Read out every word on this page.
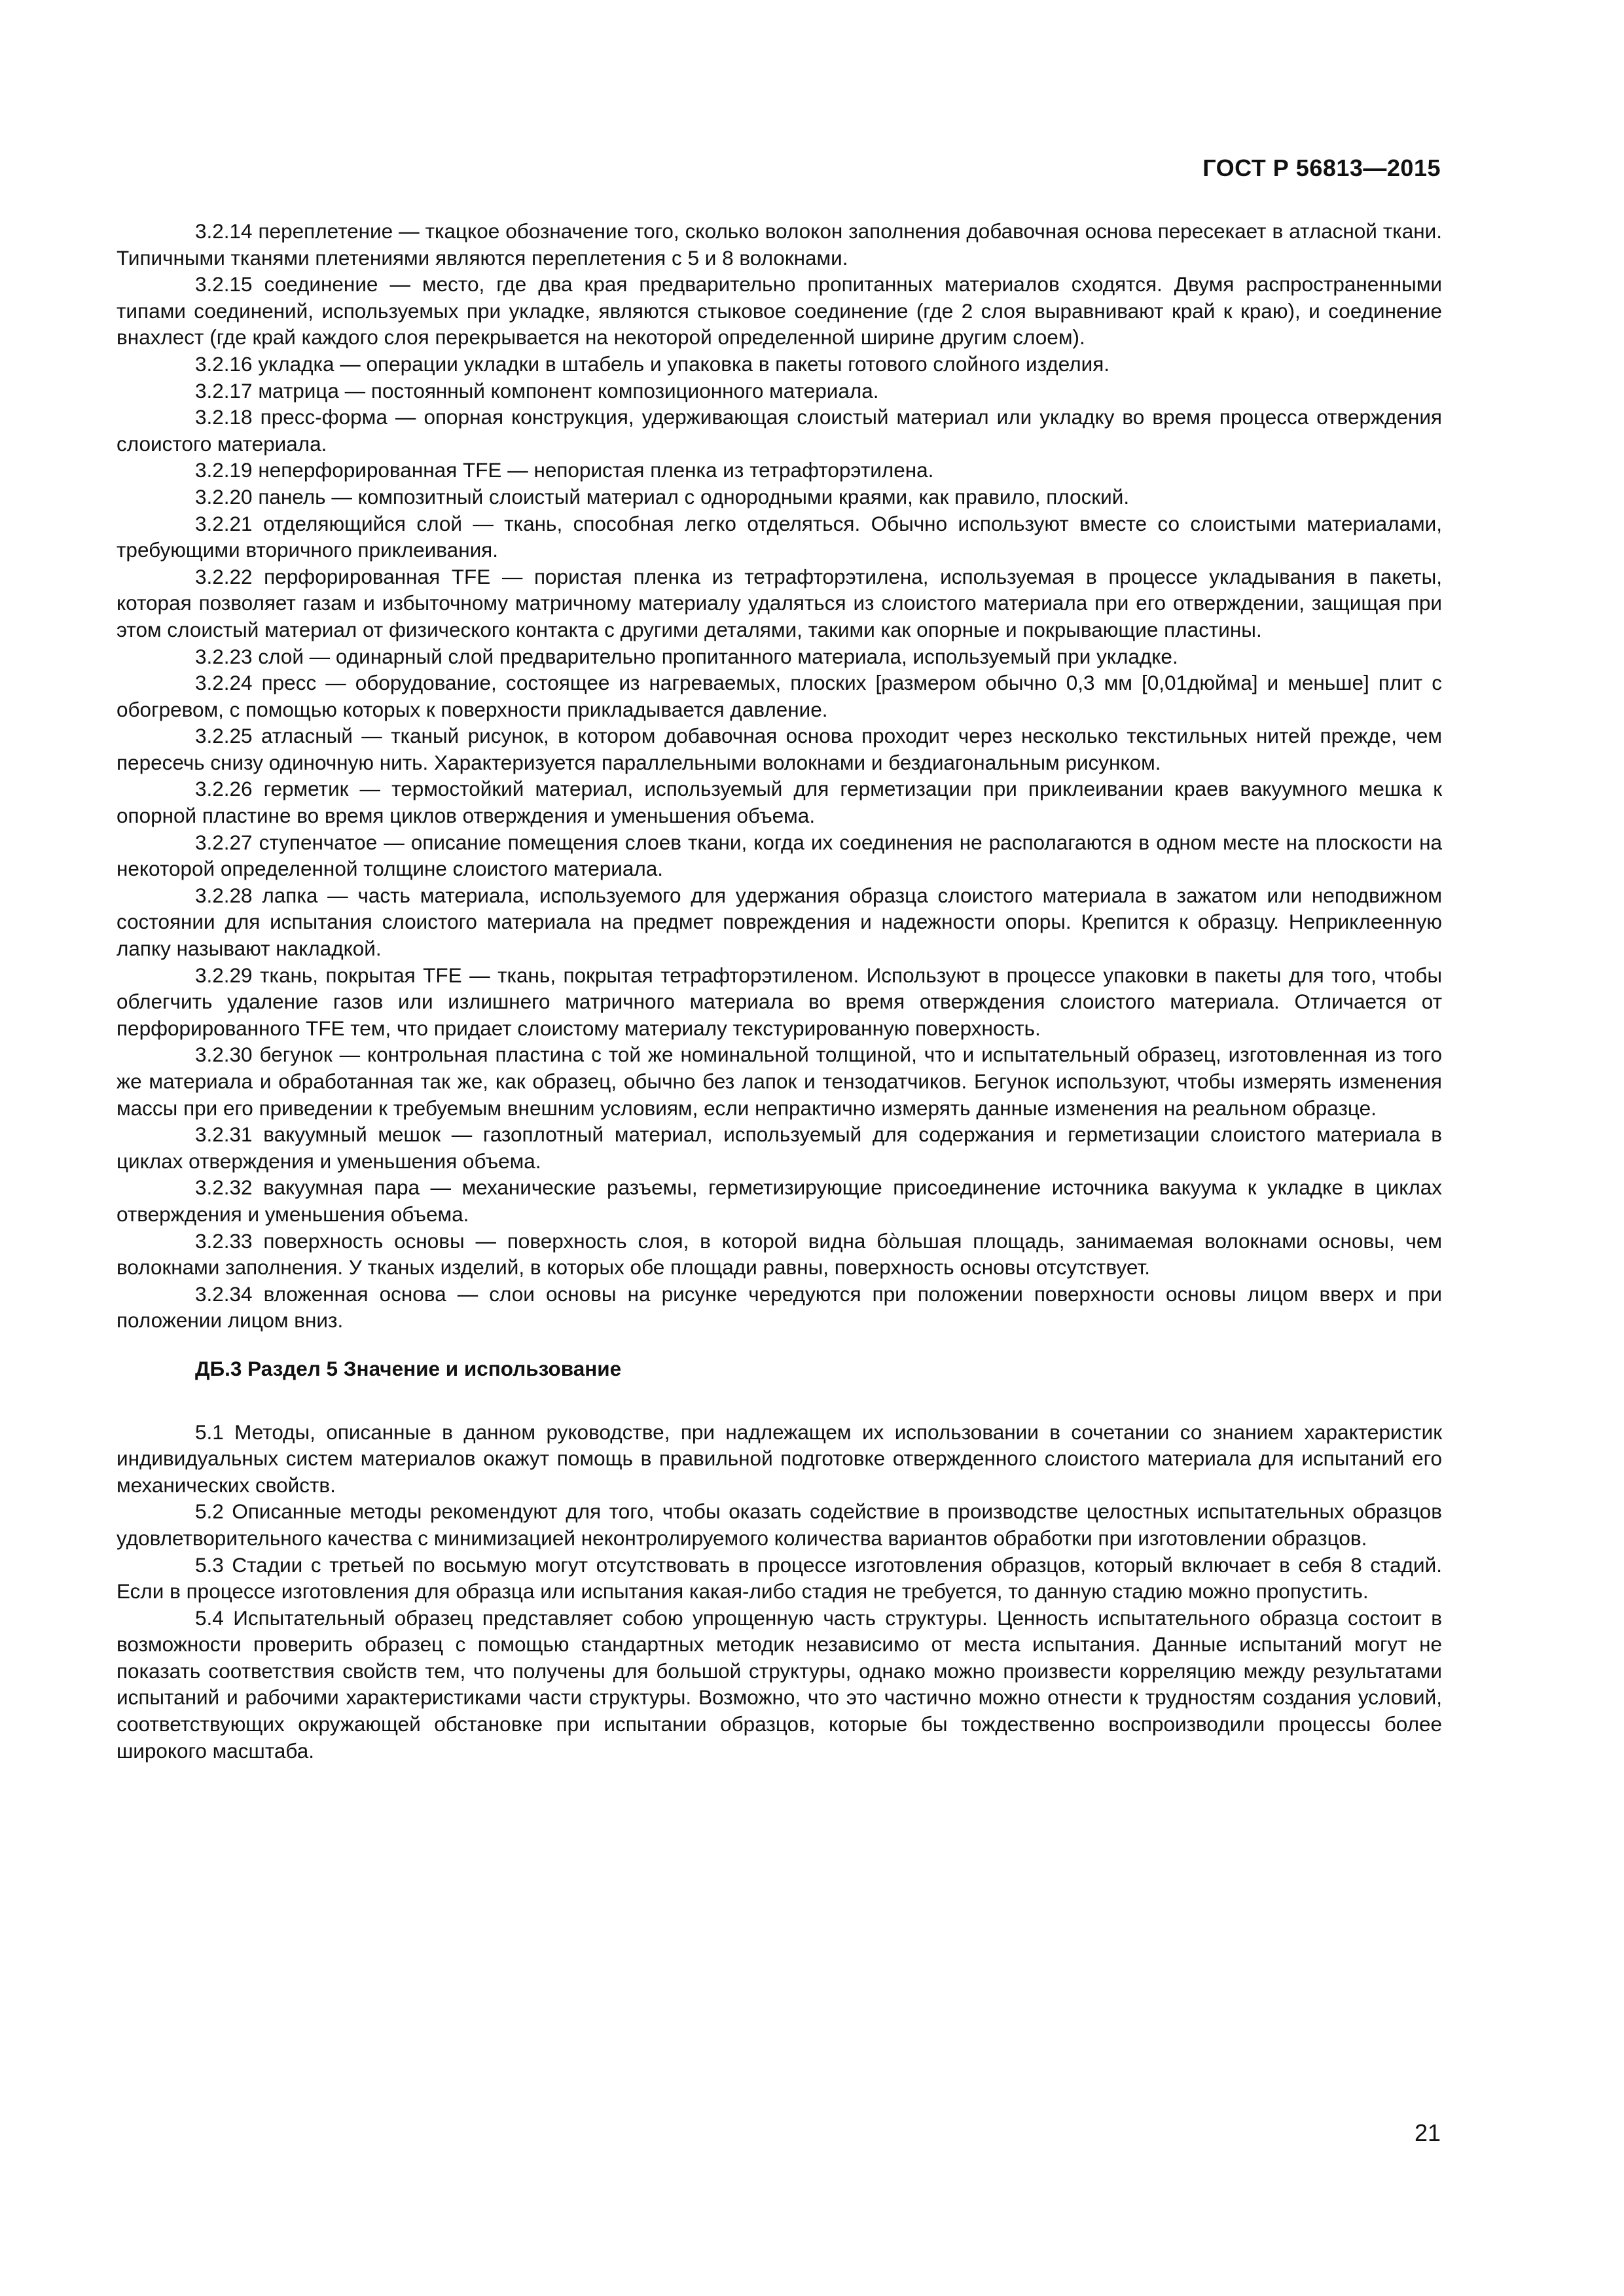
ГОСТ Р 56813—2015

3.2.14 переплетение — ткацкое обозначение того, сколько волокон заполнения добавочная основа пересекает в атласной ткани. Типичными тканями плетениями являются переплетения с 5 и 8 волокнами.

3.2.15 соединение — место, где два края предварительно пропитанных материалов сходятся. Двумя распространенными типами соединений, используемых при укладке, являются стыковое соединение (где 2 слоя выравнивают край к краю), и соединение внахлест (где край каждого слоя перекрывается на некоторой определенной ширине другим слоем).

3.2.16 укладка — операции укладки в штабель и упаковка в пакеты готового слойного изделия.

3.2.17 матрица — постоянный компонент композиционного материала.

3.2.18 пресс-форма — опорная конструкция, удерживающая слоистый материал или укладку во время процесса отверждения слоистого материала.

3.2.19 неперфорированная TFE — непористая пленка из тетрафторэтилена.

3.2.20 панель — композитный слоистый материал с однородными краями, как правило, плоский.

3.2.21 отделяющийся слой — ткань, способная легко отделяться. Обычно используют вместе со слоистыми материалами, требующими вторичного приклеивания.

3.2.22 перфорированная TFE — пористая пленка из тетрафторэтилена, используемая в процессе укладывания в пакеты, которая позволяет газам и избыточному матричному материалу удаляться из слоистого материала при его отверждении, защищая при этом слоистый материал от физического контакта с другими деталями, такими как опорные и покрывающие пластины.

3.2.23 слой — одинарный слой предварительно пропитанного материала, используемый при укладке.

3.2.24 пресс — оборудование, состоящее из нагреваемых, плоских [размером обычно 0,3 мм [0,01дюйма] и меньше] плит с обогревом, с помощью которых к поверхности прикладывается давление.

3.2.25 атласный — тканый рисунок, в котором добавочная основа проходит через несколько текстильных нитей прежде, чем пересечь снизу одиночную нить. Характеризуется параллельными волокнами и бездиагональным рисунком.

3.2.26 герметик — термостойкий материал, используемый для герметизации при приклеивании краев вакуумного мешка к опорной пластине во время циклов отверждения и уменьшения объема.

3.2.27 ступенчатое — описание помещения слоев ткани, когда их соединения не располагаются в одном месте на плоскости на некоторой определенной толщине слоистого материала.

3.2.28 лапка — часть материала, используемого для удержания образца слоистого материала в зажатом или неподвижном состоянии для испытания слоистого материала на предмет повреждения и надежности опоры. Крепится к образцу. Неприклеенную лапку называют накладкой.

3.2.29 ткань, покрытая TFE — ткань, покрытая тетрафторэтиленом. Используют в процессе упаковки в пакеты для того, чтобы облегчить удаление газов или излишнего матричного материала во время отверждения слоистого материала. Отличается от перфорированного TFE тем, что придает слоистому материалу текстурированную поверхность.

3.2.30 бегунок — контрольная пластина с той же номинальной толщиной, что и испытательный образец, изготовленная из того же материала и обработанная так же, как образец, обычно без лапок и тензодатчиков. Бегунок используют, чтобы измерять изменения массы при его приведении к требуемым внешним условиям, если непрактично измерять данные изменения на реальном образце.

3.2.31 вакуумный мешок — газоплотный материал, используемый для содержания и герметизации слоистого материала в циклах отверждения и уменьшения объема.

3.2.32 вакуумная пара — механические разъемы, герметизирующие присоединение источника вакуума к укладке в циклах отверждения и уменьшения объема.

3.2.33 поверхность основы — поверхность слоя, в которой видна бо̀льшая площадь, занимаемая волокнами основы, чем волокнами заполнения. У тканых изделий, в которых обе площади равны, поверхность основы отсутствует.

3.2.34 вложенная основа — слои основы на рисунке чередуются при положении поверхности основы лицом вверх и при положении лицом вниз.

ДБ.3 Раздел 5 Значение и использование

5.1 Методы, описанные в данном руководстве, при надлежащем их использовании в сочетании со знанием характеристик индивидуальных систем материалов окажут помощь в правильной подготовке отвержденного слоистого материала для испытаний его механических свойств.

5.2 Описанные методы рекомендуют для того, чтобы оказать содействие в производстве целостных испытательных образцов удовлетворительного качества с минимизацией неконтролируемого количества вариантов обработки при изготовлении образцов.

5.3 Стадии с третьей по восьмую могут отсутствовать в процессе изготовления образцов, который включает в себя 8 стадий. Если в процессе изготовления для образца или испытания какая-либо стадия не требуется, то данную стадию можно пропустить.

5.4 Испытательный образец представляет собою упрощенную часть структуры. Ценность испытательного образца состоит в возможности проверить образец с помощью стандартных методик независимо от места испытания. Данные испытаний могут не показать соответствия свойств тем, что получены для большой структуры, однако можно произвести корреляцию между результатами испытаний и рабочими характеристиками части структуры. Возможно, что это частично можно отнести к трудностям создания условий, соответствующих окружающей обстановке при испытании образцов, которые бы тождественно воспроизводили процессы более широкого масштаба.

21
